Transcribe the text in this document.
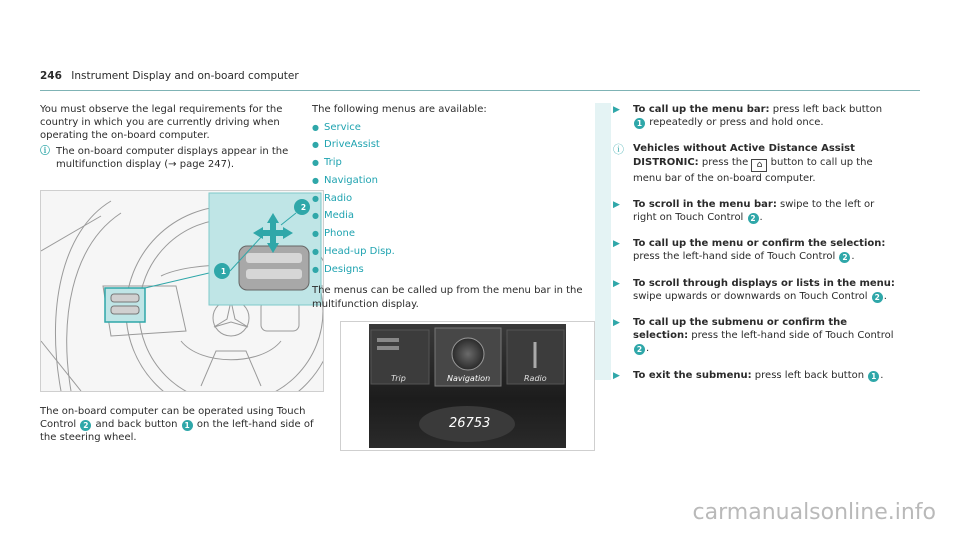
246 Instrument Display and on-board computer
You must observe the legal requirements for the country in which you are currently driving when operating the on-board computer.
ⓘ The on-board computer displays appear in the multifunction display (→ page 247).
1
2
The on-board computer can be operated using Touch Control 2 and back button 1 on the left-hand side of the steering wheel.
The following menus are available:
● Service
● DriveAssist
● Trip
● Navigation
● Radio
● Media
● Phone
● Head-up Disp.
● Designs
The menus can be called up from the menu bar in the multifunction display.
Trip	Navigation	Radio
26753
▶	To call up the menu bar: press left back button 1 repeatedly or press and hold once.
ⓘ Vehicles without Active Distance Assist DISTRONIC: press the ⌂ button to call up the menu bar of the on-board computer.
▶	To scroll in the menu bar: swipe to the left or right on Touch Control 2 .
▶	To call up the menu or confirm the selection: press the left-hand side of Touch Control 2 .
▶	To scroll through displays or lists in the menu: swipe upwards or downwards on Touch Control 2 .
▶	To call up the submenu or confirm the selection: press the left-hand side of Touch Control 2 .
▶	To exit the submenu: press left back button 1 .
carmanualsonline.info
